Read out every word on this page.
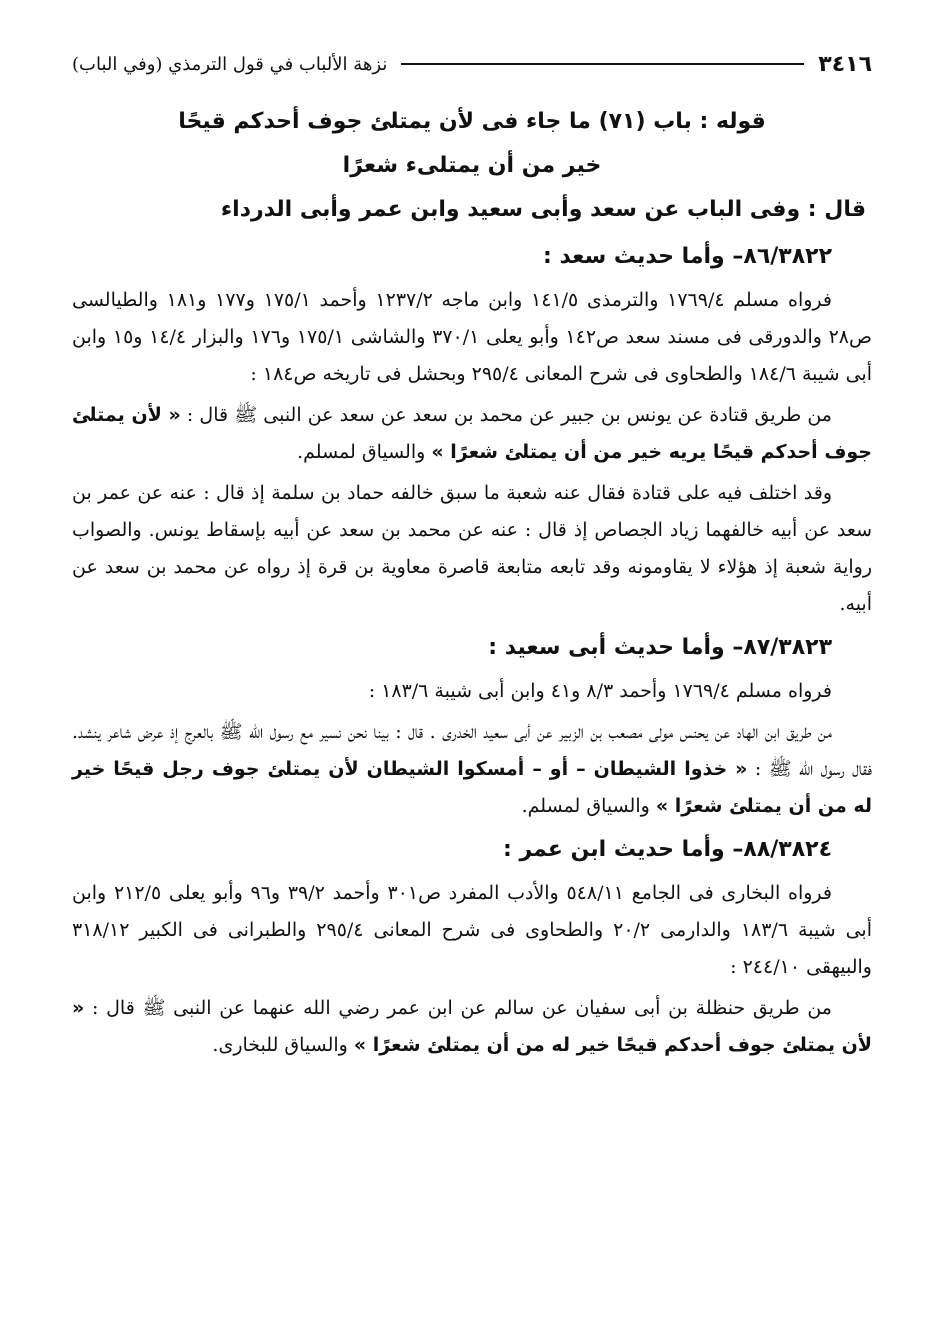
٣٤١٦
نزهة الألباب في قول الترمذي (وفي الباب)
قوله : باب (٧١) ما جاء فى لأن يمتلئ جوف أحدكم قيحًا
خير من أن يمتلىء شعرًا
قال : وفى الباب عن سعد وأبى سعيد وابن عمر وأبى الدرداء
٨٦/٣٨٢٢– وأما حديث سعد :

فرواه مسلم ١٧٦٩/٤ والترمذى ١٤١/٥ وابن ماجه ١٢٣٧/٢ وأحمد ١٧٥/١ و١٧٧ و١٨١ والطيالسى ص٢٨ والدورقى فى مسند سعد ص١٤٢ وأبو يعلى ٣٧٠/١ والشاشى ١٧٥/١ و١٧٦ والبزار ١٤/٤ و١٥ وابن أبى شيبة ١٨٤/٦ والطحاوى فى شرح المعانى ٢٩٥/٤ وبحشل فى تاريخه ص١٨٤ :

من طريق قتادة عن يونس بن جبير عن محمد بن سعد عن سعد عن النبى ﷺ قال : « لأن يمتلئ جوف أحدكم قيحًا يريه خير من أن يمتلئ شعرًا » والسياق لمسلم.

وقد اختلف فيه على قتادة فقال عنه شعبة ما سبق خالفه حماد بن سلمة إذ قال : عنه عن عمر بن سعد عن أبيه خالفهما زياد الجصاص إذ قال : عنه عن محمد بن سعد عن أبيه بإسقاط يونس. والصواب رواية شعبة إذ هؤلاء لا يقاومونه وقد تابعه متابعة قاصرة معاوية بن قرة إذ رواه عن محمد بن سعد عن أبيه.

٨٧/٣٨٢٣– وأما حديث أبى سعيد :

فرواه مسلم ١٧٦٩/٤ وأحمد ٨/٣ و٤١ وابن أبى شيبة ١٨٣/٦ :

من طريق ابن الهاد عن يحنس مولى مصعب بن الزبير عن أبى سعيد الخدرى . قال : بينا نحن نسير مع رسول الله ﷺ بالعرج إذ عرض شاعر ينشد. فقال رسول الله ﷺ : « خذوا الشيطان – أو – أمسكوا الشيطان لأن يمتلئ جوف رجل قيحًا خير له من أن يمتلئ شعرًا » والسياق لمسلم.

٨٨/٣٨٢٤– وأما حديث ابن عمر :

فرواه البخارى فى الجامع ٥٤٨/١١ والأدب المفرد ص٣٠١ وأحمد ٣٩/٢ و٩٦ وأبو يعلى ٢١٢/٥ وابن أبى شيبة ١٨٣/٦ والدارمى ٢٠/٢ والطحاوى فى شرح المعانى ٢٩٥/٤ والطبرانى فى الكبير ٣١٨/١٢ والبيهقى ٢٤٤/١٠ :

من طريق حنظلة بن أبى سفيان عن سالم عن ابن عمر رضي الله عنهما عن النبى ﷺ قال : « لأن يمتلئ جوف أحدكم قيحًا خير له من أن يمتلئ شعرًا » والسياق للبخارى.
